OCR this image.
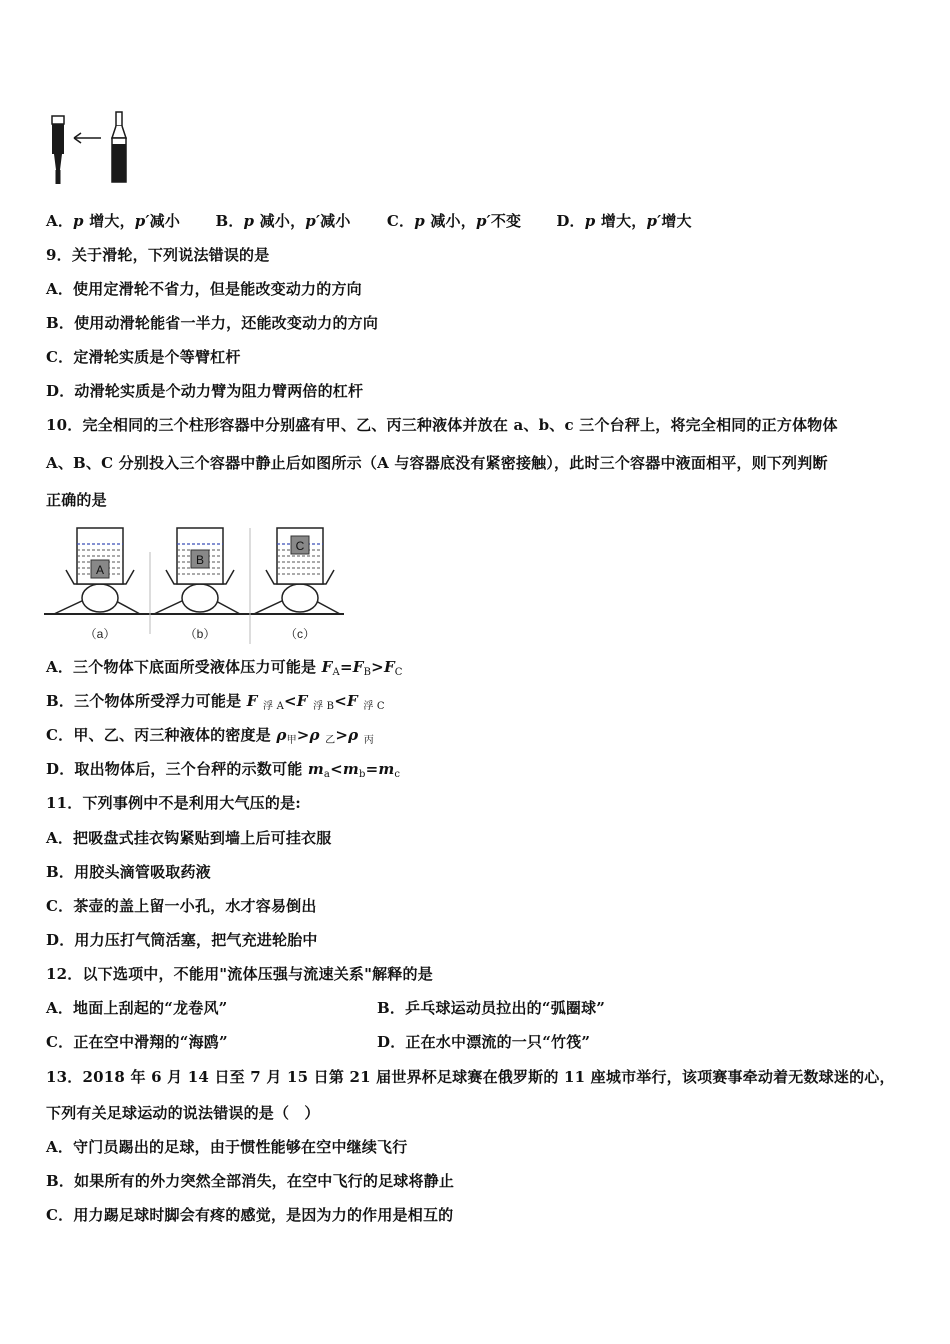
A．p 增大，p′减小 B．p 减小，p′减小 C．p 减小，p′不变 D．p 增大，p′增大
9．关于滑轮，下列说法错误的是
A．使用定滑轮不省力，但是能改变动力的方向
B．使用动滑轮能省一半力，还能改变动力的方向
C．定滑轮实质是个等臂杠杆
D．动滑轮实质是个动力臂为阻力臂两倍的杠杆
10．完全相同的三个柱形容器中分别盛有甲、乙、丙三种液体并放在 a、b、c 三个台秤上，将完全相同的正方体物体
A、B、C 分别投入三个容器中静止后如图所示（A 与容器底没有紧密接触），此时三个容器中液面相平，则下列判断
正确的是
A
（a）
B
（b）
C
（c）
A．三个物体下底面所受液体压力可能是 $F_A=F_B>F_C$
B．三个物体所受浮力可能是 F $_{浮 A}$<F $_{浮 B}$<F $_{浮 C}$
C．甲、乙、丙三种液体的密度是 $\rho_甲>\rho$ $_乙$>ρ $_丙$
D．取出物体后，三个台秤的示数可能 $m_a<m_b=m_c$
11．下列事例中不是利用大气压的是:
A．把吸盘式挂衣钩紧贴到墙上后可挂衣服
B．用胶头滴管吸取药液
C．茶壶的盖上留一小孔，水才容易倒出
D．用力压打气筒活塞，把气充进轮胎中
12．以下选项中，不能用"流体压强与流速关系"解释的是
A．地面上刮起的“龙卷风”	B．乒乓球运动员拉出的“弧圈球”
C．正在空中滑翔的“海鸥”	D．正在水中漂流的一只“竹筏”
13．2018 年 6 月 14 日至 7 月 15 日第 21 届世界杯足球赛在俄罗斯的 11 座城市举行，该项赛事牵动着无数球迷的心，
下列有关足球运动的说法错误的是（　）
A．守门员踢出的足球，由于惯性能够在空中继续飞行
B．如果所有的外力突然全部消失，在空中飞行的足球将静止
C．用力踢足球时脚会有疼的感觉，是因为力的作用是相互的
